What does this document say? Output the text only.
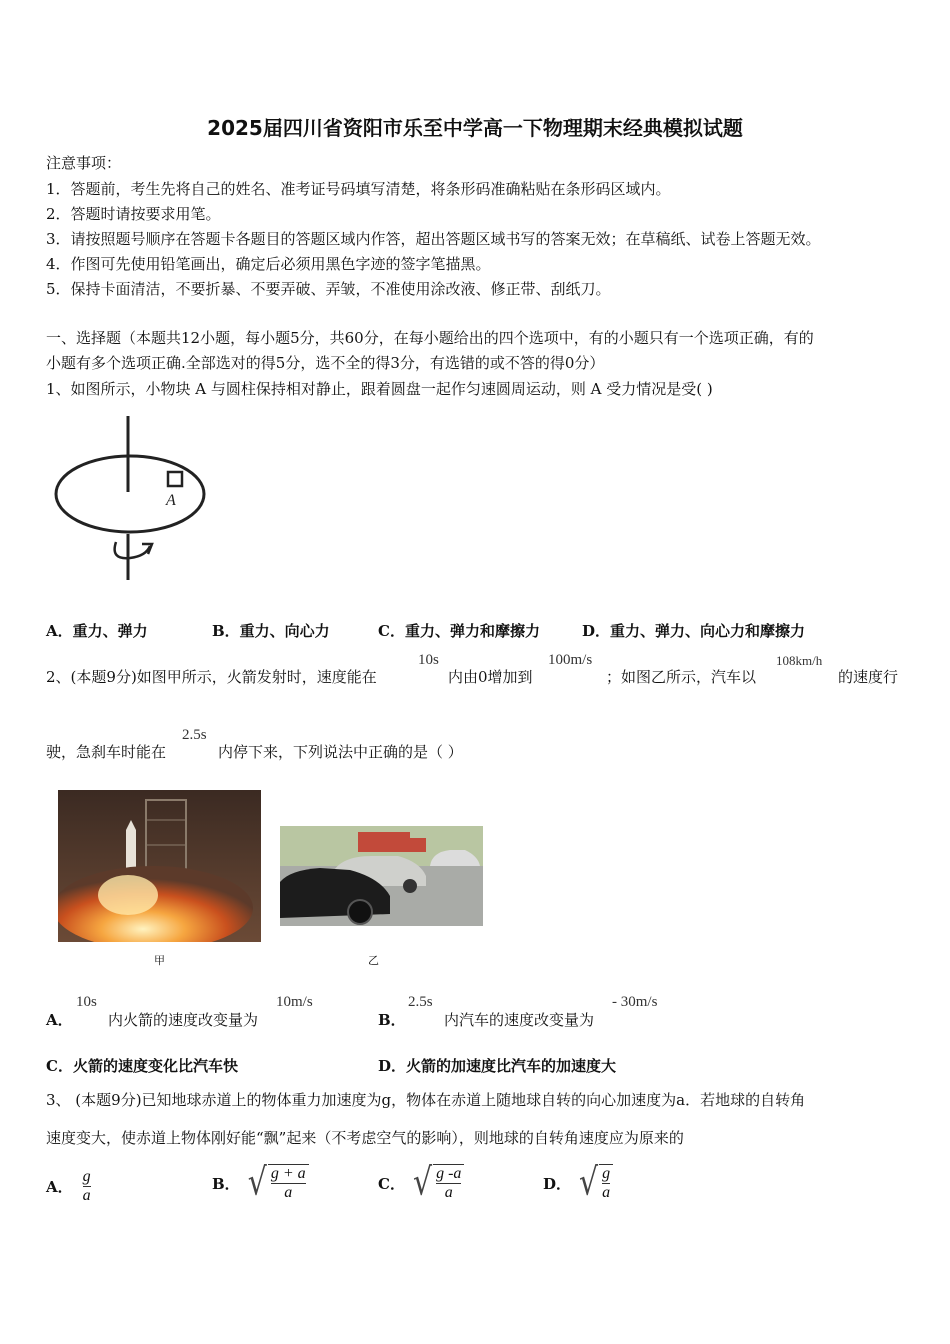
2025届四川省资阳市乐至中学高一下物理期末经典模拟试题
注意事项：
1．答题前，考生先将自己的姓名、准考证号码填写清楚，将条形码准确粘贴在条形码区域内。
2．答题时请按要求用笔。
3．请按照题号顺序在答题卡各题目的答题区域内作答，超出答题区域书写的答案无效；在草稿纸、试卷上答题无效。
4．作图可先使用铅笔画出，确定后必须用黑色字迹的签字笔描黑。
5．保持卡面清洁，不要折暴、不要弄破、弄皱，不准使用涂改液、修正带、刮纸刀。
一、选择题（本题共12小题，每小题5分，共60分，在每小题给出的四个选项中，有的小题只有一个选项正确，有的
小题有多个选项正确.全部选对的得5分，选不全的得3分，有选错的或不答的得0分）
1、如图所示，小物块 A 与圆柱保持相对静止，跟着圆盘一起作匀速圆周运动，则 A 受力情况是受( )
A
A．重力、弹力	B．重力、向心力	C．重力、弹力和摩擦力	D．重力、弹力、向心力和摩擦力
2、(本题9分)如图甲所示，火箭发射时，速度能在
10s
内由0增加到
100m/s
；如图乙所示，汽车以
108km/h
的速度行
驶，急刹车时能在
2.5s
内停下来，下列说法中正确的是（ ）
甲	乙
A．
10s
内火箭的速度改变量为
10m/s
B．
2.5s
内汽车的速度改变量为
- 30m/s
C．火箭的速度变化比汽车快	D．火箭的加速度比汽车的加速度大
3、 (本题9分)已知地球赤道上的物体重力加速度为g，物体在赤道上随地球自转的向心加速度为a．若地球的自转角
速度变大，使赤道上物体刚好能“飘”起来（不考虑空气的影响），则地球的自转角速度应为原来的
A． $\frac{g}{a}$	B． √ $\frac{g + a}{a}$	C． √ $\frac{g -a}{a}$	D． √ $\frac{g}{a}$
